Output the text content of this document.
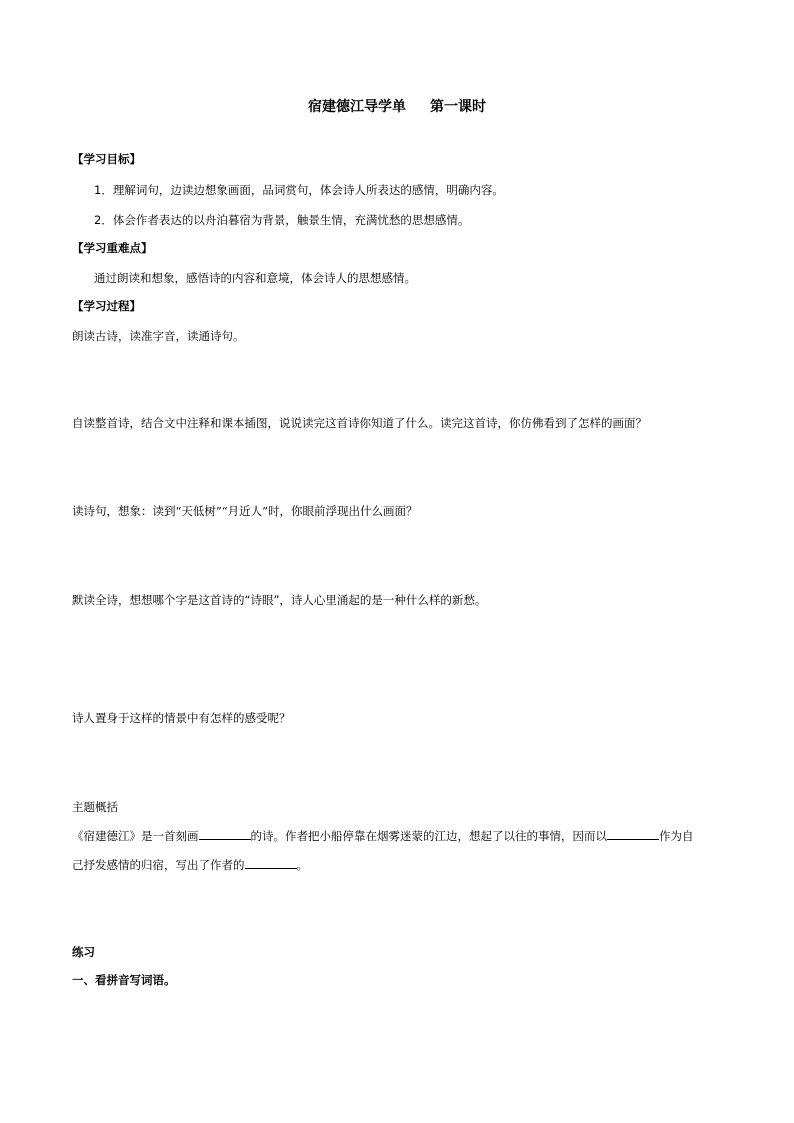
宿建德江导学单 第一课时
【学习目标】
1．理解词句，边读边想象画面，品词赏句，体会诗人所表达的感情，明确内容。
2．体会作者表达的以舟泊暮宿为背景，触景生情，充满忧愁的思想感情。
【学习重难点】
通过朗读和想象，感悟诗的内容和意境，体会诗人的思想感情。
【学习过程】
朗读古诗，读准字音，读通诗句。
自读整首诗，结合文中注释和课本插图，说说读完这首诗你知道了什么。读完这首诗，你仿佛看到了怎样的画面？
读诗句，想象：读到“天低树”“月近人”时，你眼前浮现出什么画面？
默读全诗，想想哪个字是这首诗的“诗眼”，诗人心里涌起的是一种什么样的新愁。
诗人置身于这样的情景中有怎样的感受呢？
主题概括
《宿建德江》是一首刻画	的诗。作者把小船停靠在烟雾迷蒙的江边，想起了以往的事情，因而以	作为自
己抒发感情的归宿，写出了作者的	。
练习
一、看拼音写词语。
